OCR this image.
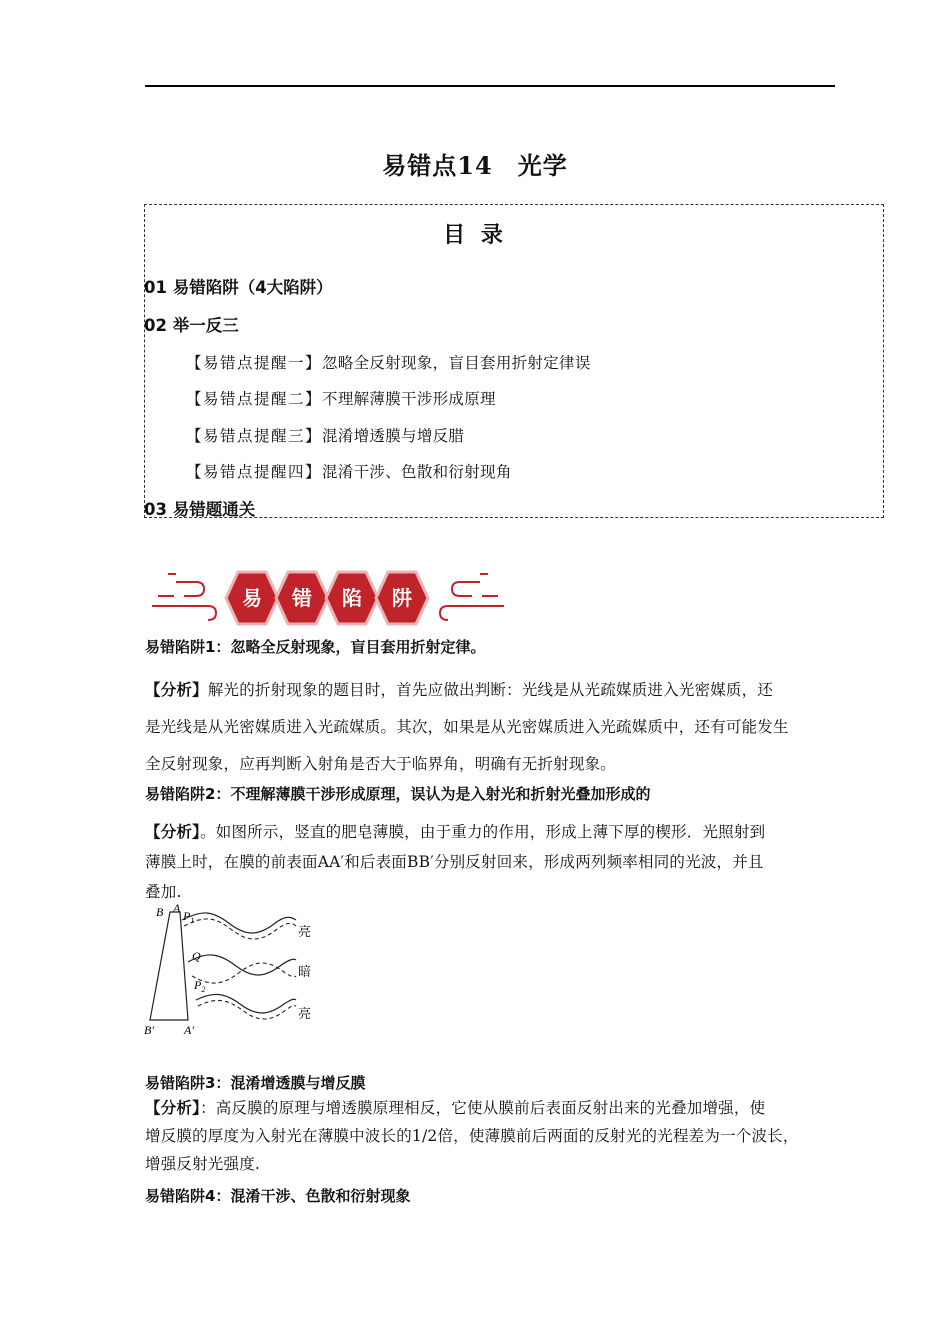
易错点14　光学
目 录
01 易错陷阱（4大陷阱）
02 举一反三
【易错点提醒一】忽略全反射现象，盲目套用折射定律误
【易错点提醒二】不理解薄膜干涉形成原理
【易错点提醒三】混淆增透膜与增反腊
【易错点提醒四】混淆干涉、色散和衍射现角
03 易错题通关
易 错 陷 阱
易错陷阱1：忽略全反射现象，盲目套用折射定律。
【分析】解光的折射现象的题目时，首先应做出判断：光线是从光疏媒质进入光密媒质，还
是光线是从光密媒质进入光疏媒质。其次，如果是从光密媒质进入光疏媒质中，还有可能发生
全反射现象，应再判断入射角是否大于临界角，明确有无折射现象。
易错陷阱2：不理解薄膜干涉形成原理，误认为是入射光和折射光叠加形成的
【分析】。如图所示，竖直的肥皂薄膜，由于重力的作用，形成上薄下厚的楔形．光照射到
薄膜上时，在膜的前表面AA′和后表面BB′分别反射回来，形成两列频率相同的光波，并且
叠加.
B A
$P_1$
Q
$P_2$
B′	A′
亮
暗
亮
易错陷阱3：混淆增透膜与增反膜
【分析】：高反膜的原理与增透膜原理相反，它使从膜前后表面反射出来的光叠加增强，使
增反膜的厚度为入射光在薄膜中波长的1/2倍，使薄膜前后两面的反射光的光程差为一个波长，
增强反射光强度.
易错陷阱4：混淆干涉、色散和衍射现象
